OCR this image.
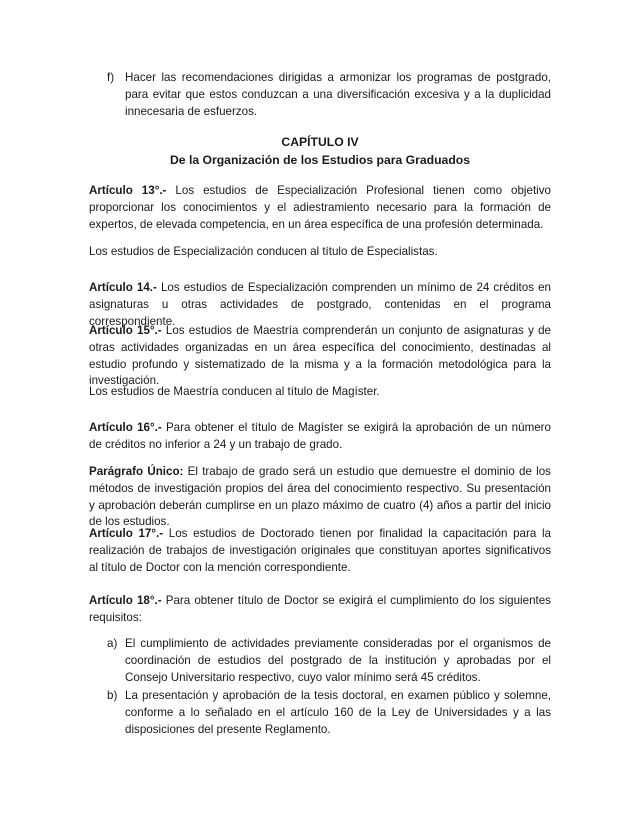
f) Hacer las recomendaciones dirigidas a armonizar los programas de postgrado, para evitar que estos conduzcan a una diversificación excesiva y a la duplicidad innecesaria de esfuerzos.

CAPÍTULO IV

De la Organización de los Estudios para Graduados

Artículo 13°.- Los estudios de Especialización Profesional tienen como objetivo proporcionar los conocimientos y el adiestramiento necesario para la formación de expertos, de elevada competencia, en un área específica de una profesión determinada.

Los estudios de Especialización conducen al título de Especialistas.

Artículo 14.- Los estudios de Especialización comprenden un mínimo de 24 créditos en asignaturas u otras actividades de postgrado, contenidas en el programa correspondiente.

Artículo 15°.- Los estudios de Maestría comprenderán un conjunto de asignaturas y de otras actividades organizadas en un área específica del conocimiento, destinadas al estudio profundo y sistematizado de la misma y a la formación metodológica para la investigación.

Los estudios de Maestría conducen al título de Magíster.

Artículo 16°.- Para obtener el título de Magíster se exigirá la aprobación de un número de créditos no inferior a 24 y un trabajo de grado.

Parágrafo Único: El trabajo de grado será un estudio que demuestre el dominio de los métodos de investigación propios del área del conocimiento respectivo. Su presentación y aprobación deberán cumplirse en un plazo máximo de cuatro (4) años a partir del inicio de los estudios.

Artículo 17°.- Los estudios de Doctorado tienen por finalidad la capacitación para la realización de trabajos de investigación originales que constituyan aportes significativos al título de Doctor con la mención correspondiente.

Artículo 18°.- Para obtener título de Doctor se exigirá el cumplimiento do los siguientes requisitos:

a) El cumplimiento de actividades previamente consideradas por el organismos de coordinación de estudios del postgrado de la institución y aprobadas por el Consejo Universitario respectivo, cuyo valor mínimo será 45 créditos.
b) La presentación y aprobación de la tesis doctoral, en examen público y solemne, conforme a lo señalado en el artículo 160 de la Ley de Universidades y a las disposiciones del presente Reglamento.
